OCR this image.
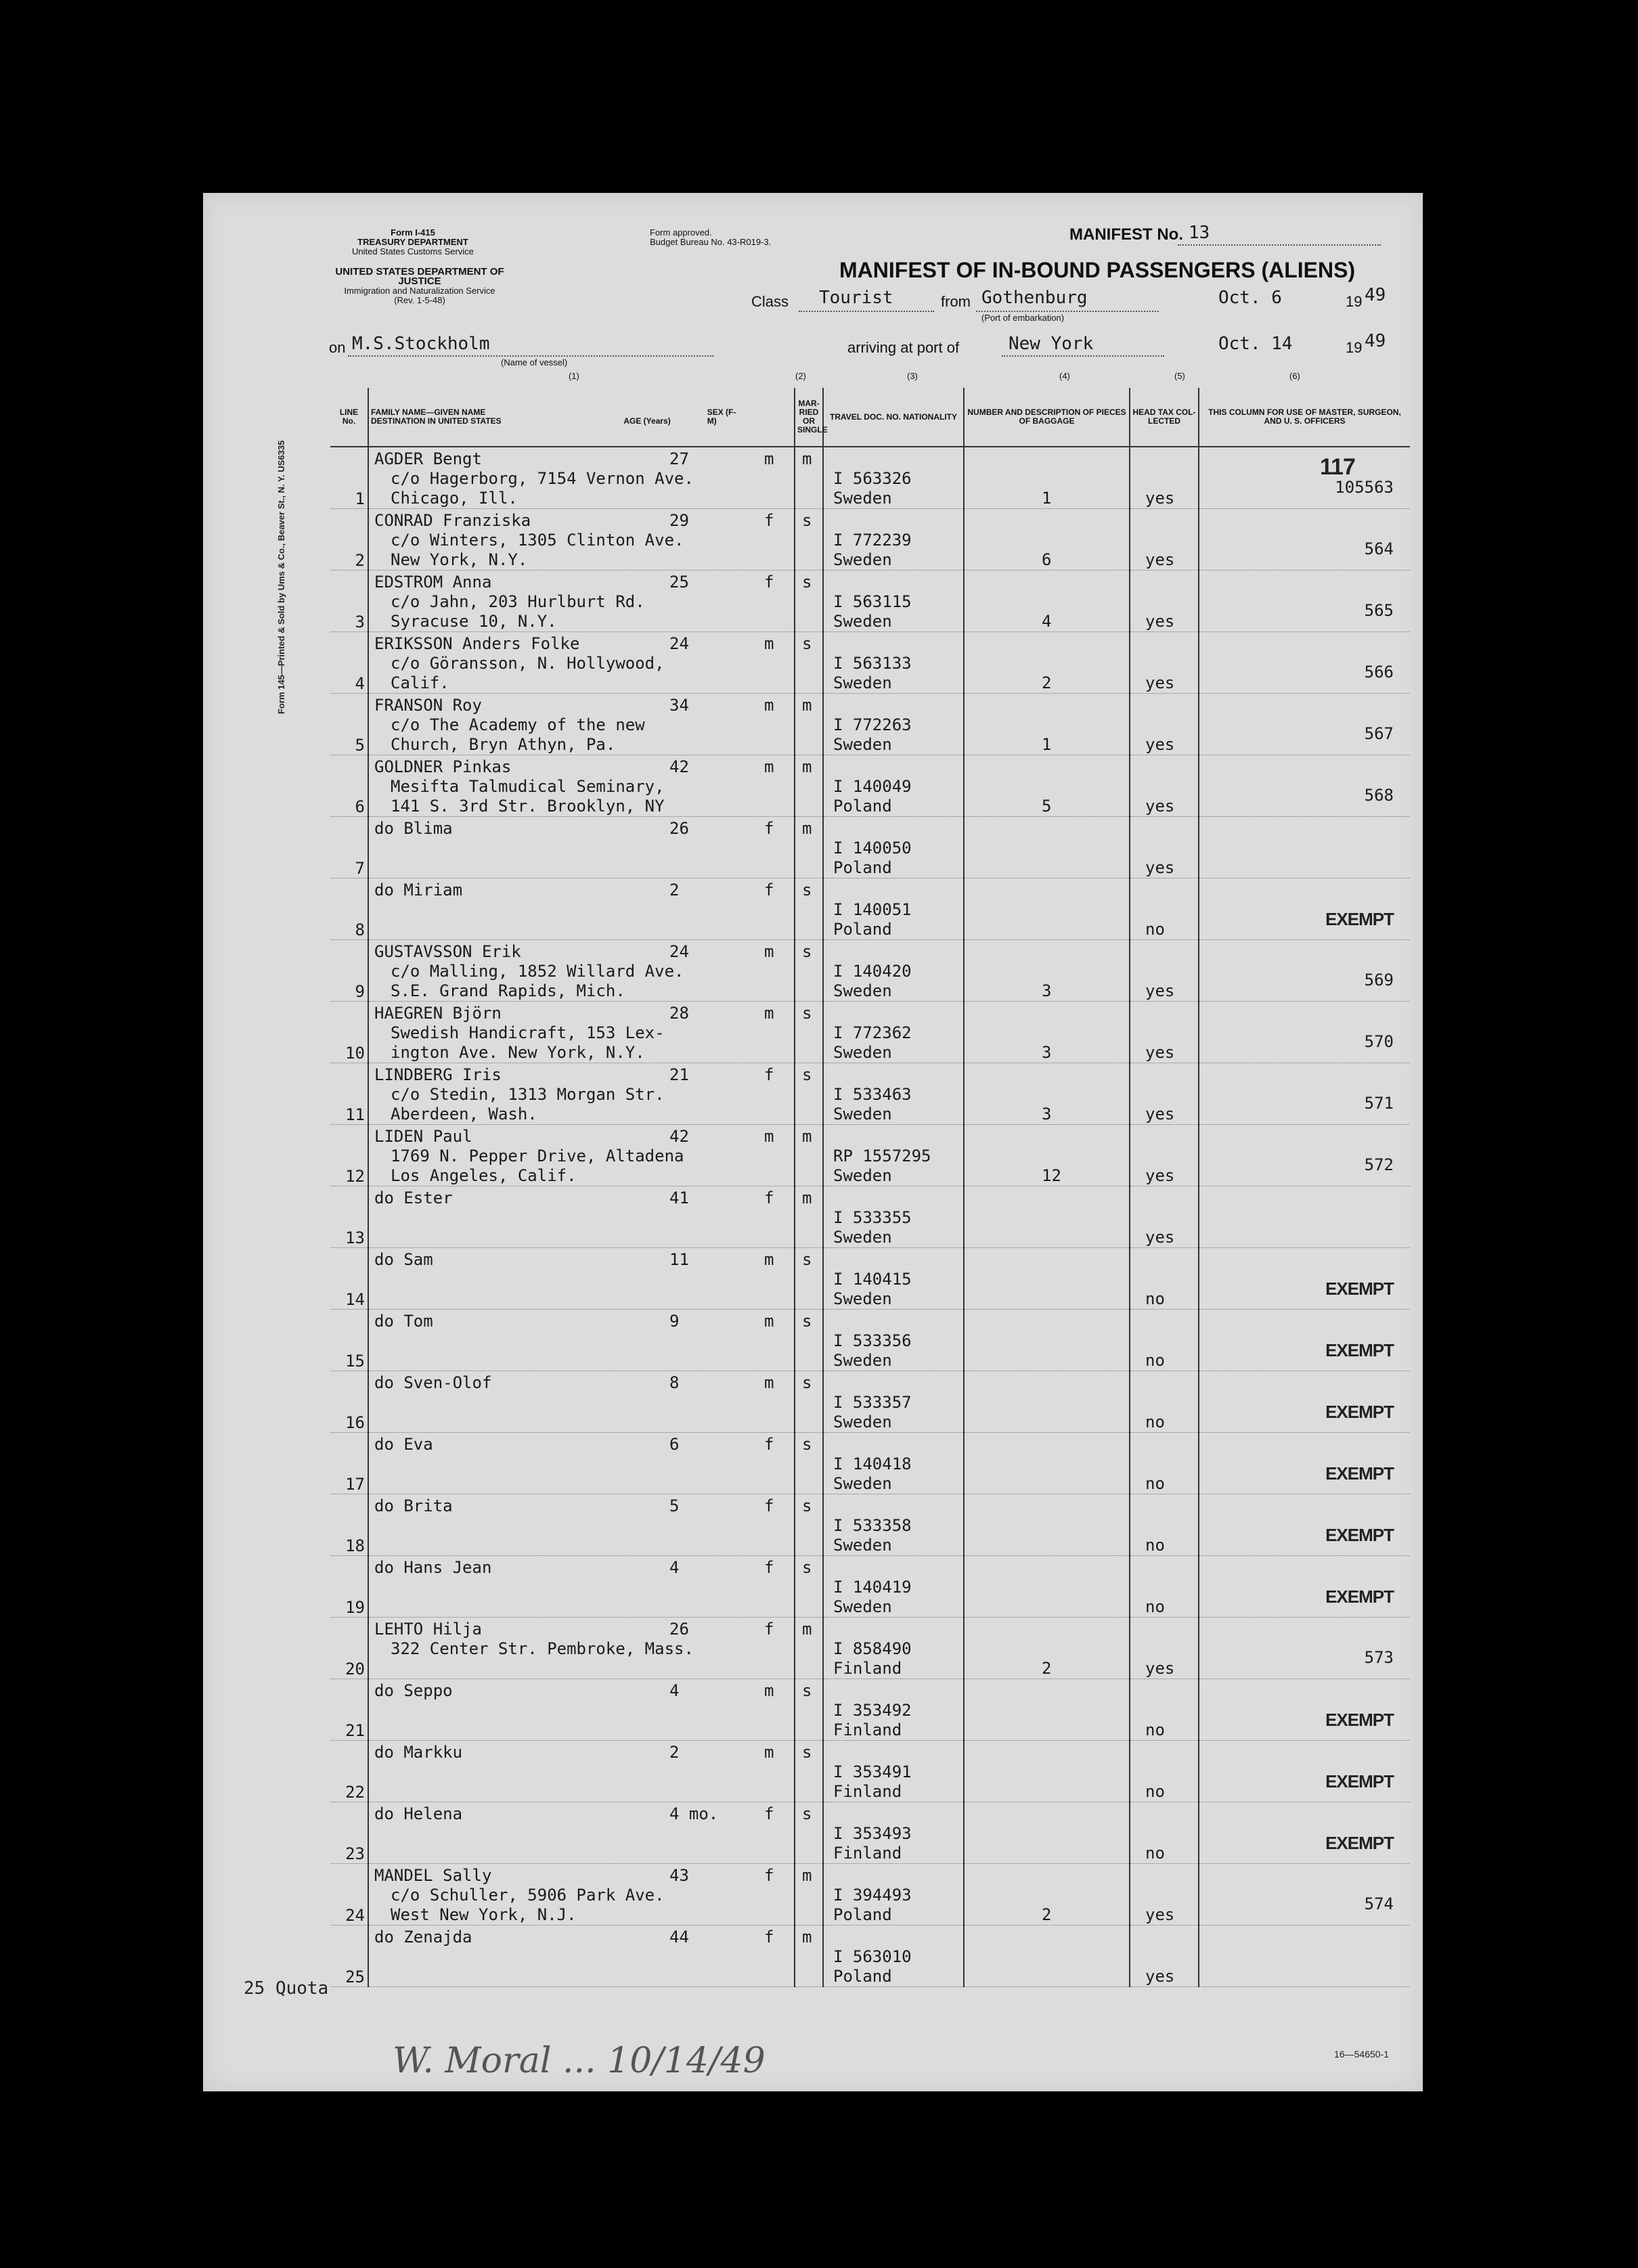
Form I-415
TREASURY DEPARTMENT
United States Customs Service
UNITED STATES DEPARTMENT OF JUSTICE
Immigration and Naturalization Service
(Rev. 1-5-48)
Form approved.
Budget Bureau No. 43-R019-3.	MANIFEST No. 13
MANIFEST OF IN-BOUND PASSENGERS (ALIENS)
Class Tourist	from Gothenburg
(Port of embarkation)
Oct. 6	19 49
on M.S.Stockholm
(Name of vessel)
arriving at port of	New York	Oct. 14	19 49
(1)	(2)	(3)	(4)	(5)	(6)
Form 145—Printed & Sold by Ums & Co., Beaver St., N. Y. US6335
LINE No.	FAMILY NAME—GIVEN NAME DESTINATION IN UNITED STATES AGE (Years) SEX (F-M)	MAR-RIED OR SINGLE	TRAVEL DOC. NO. NATIONALITY	NUMBER AND DESCRIPTION OF PIECES OF BAGGAGE	HEAD TAX COL-LECTED	THIS COLUMN FOR USE OF MASTER, SURGEON, AND U. S. OFFICERS
1	AGDER Bengt 27 m
c/o Hagerborg, 7154 Vernon Ave.
Chicago, Ill.	m	I 563326
Sweden	1	yes	105563

2	CONRAD Franziska 29 f
c/o Winters, 1305 Clinton Ave.
New York, N.Y.	s	I 772239
Sweden	6	yes	564

3	EDSTROM Anna 25 f
c/o Jahn, 203 Hurlburt Rd.
Syracuse 10, N.Y.	s	I 563115
Sweden	4	yes	565

4	ERIKSSON Anders Folke 24 m
c/o Göransson, N. Hollywood,
Calif.	s	I 563133
Sweden	2	yes	566

5	FRANSON Roy 34 m
c/o The Academy of the new
Church, Bryn Athyn, Pa.	m	I 772263
Sweden	1	yes	567

6	GOLDNER Pinkas 42 m
Mesifta Talmudical Seminary,
141 S. 3rd Str. Brooklyn, NY	m	I 140049
Poland	5	yes	568

7	do Blima 26 f	m	I 140050
Poland		yes	

8	do Miriam 2 f	s	I 140051
Poland		no	EXEMPT

9	GUSTAVSSON Erik 24 m
c/o Malling, 1852 Willard Ave.
S.E. Grand Rapids, Mich.	s	I 140420
Sweden	3	yes	569

10	HAEGREN Björn 28 m
Swedish Handicraft, 153 Lex-
ington Ave. New York, N.Y.	s	I 772362
Sweden	3	yes	570

11	LINDBERG Iris 21 f
c/o Stedin, 1313 Morgan Str.
Aberdeen, Wash.	s	I 533463
Sweden	3	yes	571

12	LIDEN Paul 42 m
1769 N. Pepper Drive, Altadena
Los Angeles, Calif.	m	RP 1557295
Sweden	12	yes	572

13	do Ester 41 f	m	I 533355
Sweden		yes	

14	do Sam 11 m	s	I 140415
Sweden		no	EXEMPT

15	do Tom 9 m	s	I 533356
Sweden		no	EXEMPT

16	do Sven-Olof 8 m	s	I 533357
Sweden		no	EXEMPT

17	do Eva 6 f	s	I 140418
Sweden		no	EXEMPT

18	do Brita 5 f	s	I 533358
Sweden		no	EXEMPT

19	do Hans Jean 4 f	s	I 140419
Sweden		no	EXEMPT

20	LEHTO Hilja 26 f
322 Center Str. Pembroke, Mass.	m	I 858490
Finland	2	yes	573

21	do Seppo 4 m	s	I 353492
Finland		no	EXEMPT

22	do Markku 2 m	s	I 353491
Finland		no	EXEMPT

23	do Helena 4 mo. f	s	I 353493
Finland		no	EXEMPT

24	MANDEL Sally 43 f
c/o Schuller, 5906 Park Ave.
West New York, N.J.	m	I 394493
Poland	2	yes	574

25	do Zenajda 44 f	m	I 563010
Poland		yes	

117
25 Quota
W. Moral ... 10/14/49	16—54650-1
